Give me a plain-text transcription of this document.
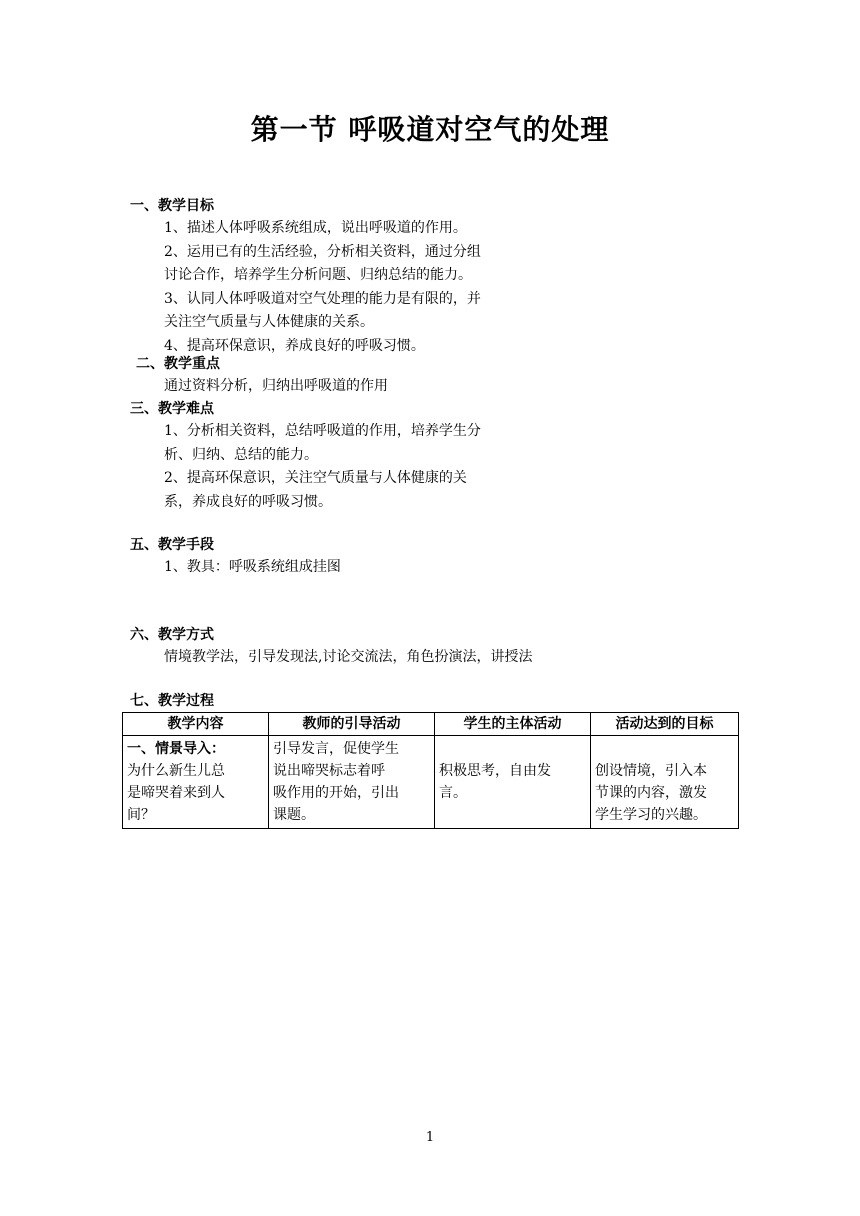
第一节 呼吸道对空气的处理
一、教学目标
1、描述人体呼吸系统组成，说出呼吸道的作用。
2、运用已有的生活经验，分析相关资料，通过分组
讨论合作，培养学生分析问题、归纳总结的能力。
3、认同人体呼吸道对空气处理的能力是有限的，并
关注空气质量与人体健康的关系。
4、提高环保意识，养成良好的呼吸习惯。
二、教学重点
通过资料分析，归纳出呼吸道的作用
三、教学难点
1、分析相关资料，总结呼吸道的作用，培养学生分
析、归纳、总结的能力。
2、提高环保意识，关注空气质量与人体健康的关
系，养成良好的呼吸习惯。
五、教学手段
1、教具：呼吸系统组成挂图
六、教学方式
情境教学法，引导发现法,讨论交流法，角色扮演法，讲授法
七、教学过程
教学内容	教师的引导活动	学生的主体活动	活动达到的目标

一、情景导入：
为什么新生儿总
是啼哭着来到人
间？	引导发言，促使学生
说出啼哭标志着呼
吸作用的开始，引出
课题。	积极思考，自由发
言。	创设情境，引入本
节课的内容，激发
学生学习的兴趣。
1
